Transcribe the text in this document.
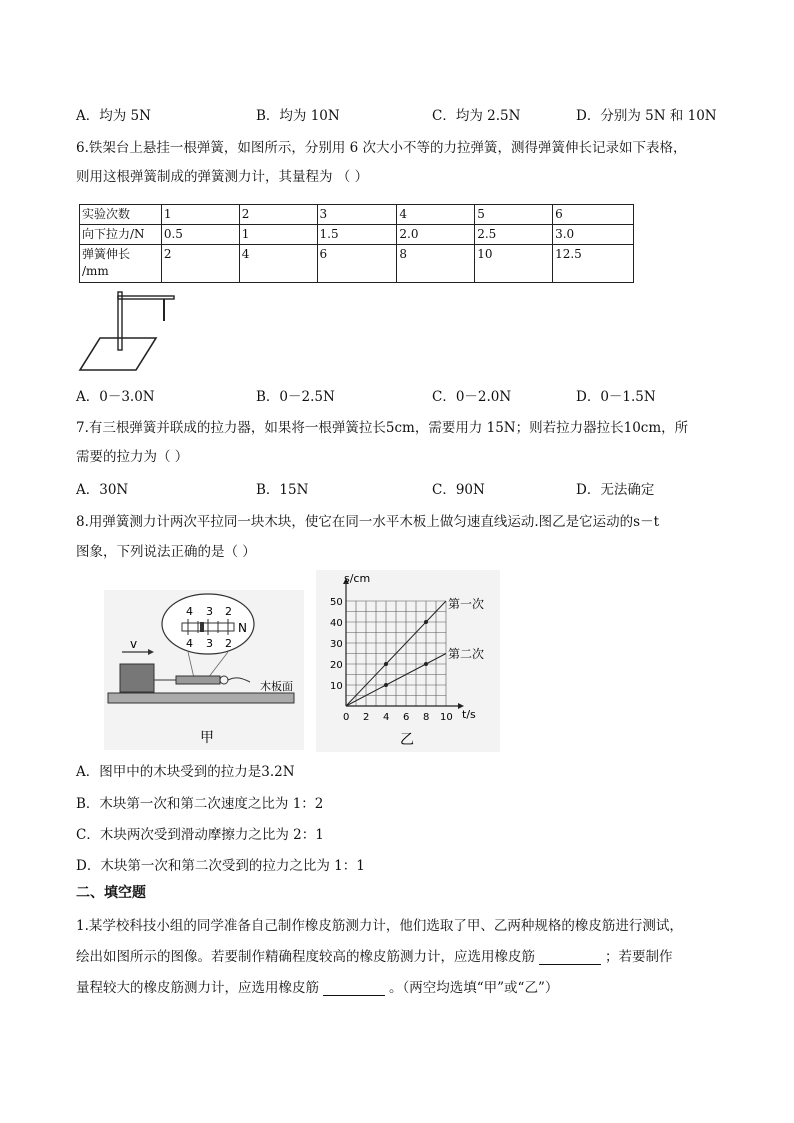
A．均为 5N	B．均为 10N	C．均为 2.5N	D．分别为 5N 和 10N
6.铁架台上悬挂一根弹簧，如图所示，分别用 6 次大小不等的力拉弹簧，测得弹簧伸长记录如下表格，
则用这根弹簧制成的弹簧测力计，其量程为 （ ）
实验次数	1	2	3	4	5	6
向下拉力/N	0.5	1	1.5	2.0	2.5	3.0

弹簧伸长
/mm	2	4	6	8	10	12.5
A．0－3.0N	B．0－2.5N	C．0－2.0N	D．0－1.5N
7.有三根弹簧并联成的拉力器，如果将一根弹簧拉长5cm，需要用力 15N；则若拉力器拉长10cm，所
需要的拉力为（ ）
A．30N	B．15N	C．90N	D．无法确定
8.用弹簧测力计两次平拉同一块木块，使它在同一水平木板上做匀速直线运动.图乙是它运动的s－t
图象，下列说法正确的是（ ）
4 3 2
4 3 2
N
v
木板面
甲
0 2 4 6 8 10
10
20
30
40
50
s/cm
t/s
第一次
第二次
乙
A．图甲中的木块受到的拉力是3.2N
B．木块第一次和第二次速度之比为 1：2
C．木块两次受到滑动摩擦力之比为 2：1
D．木块第一次和第二次受到的拉力之比为 1：1
二、填空题
1.某学校科技小组的同学准备自己制作橡皮筋测力计，他们选取了甲、乙两种规格的橡皮筋进行测试，
绘出如图所示的图像。若要制作精确程度较高的橡皮筋测力计，应选用橡皮筋	；若要制作
量程较大的橡皮筋测力计，应选用橡皮筋	。（两空均选填“甲”或“乙”）
